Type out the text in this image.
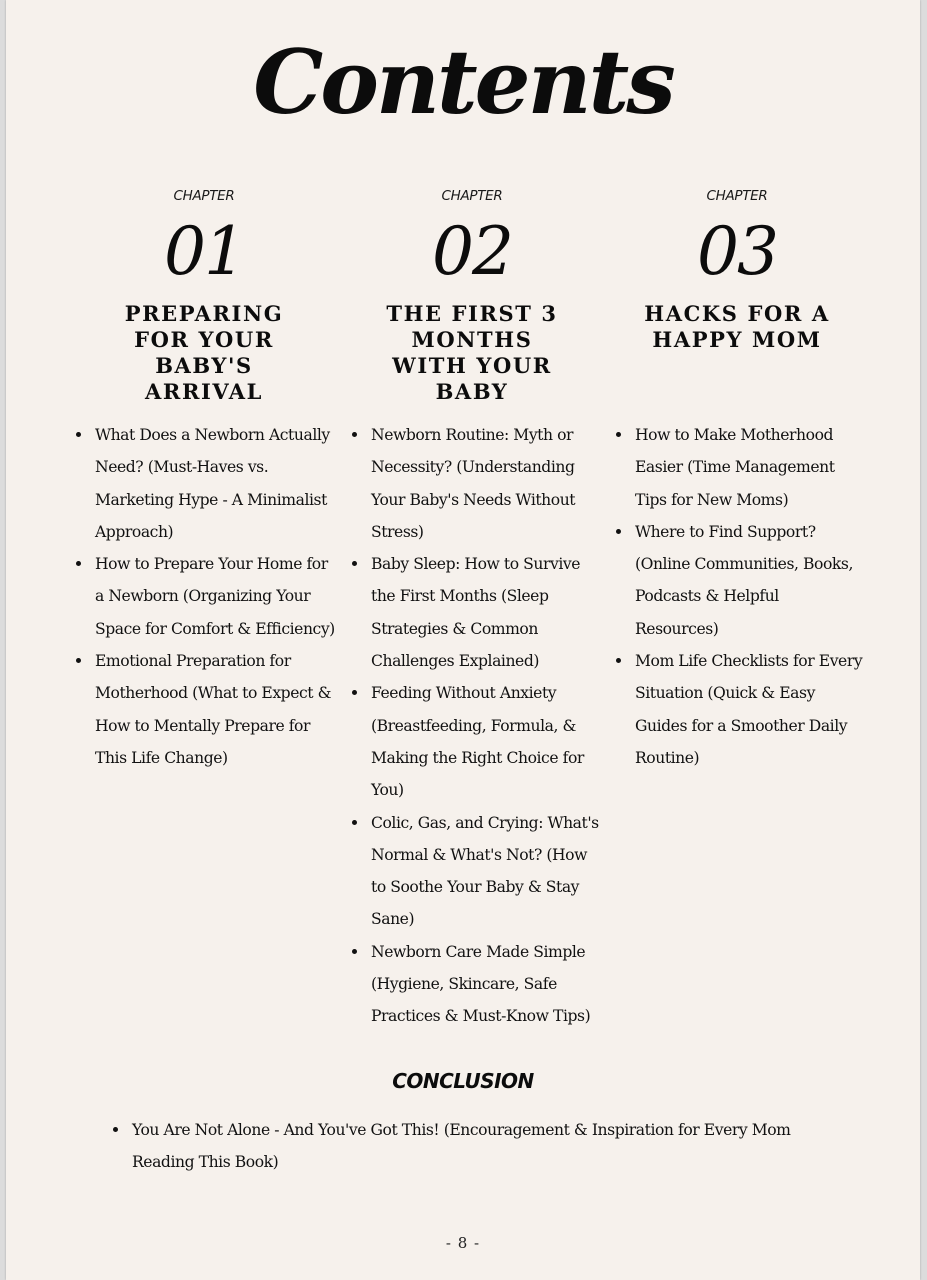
Contents
CHAPTER
01
PREPARING FOR YOUR BABY'S ARRIVAL
What Does a Newborn Actually Need? (Must-Haves vs. Marketing Hype - A Minimalist Approach)
How to Prepare Your Home for a Newborn (Organizing Your Space for Comfort & Efficiency)
Emotional Preparation for Motherhood (What to Expect & How to Mentally Prepare for This Life Change)
CHAPTER
02
THE FIRST 3 MONTHS WITH YOUR BABY
Newborn Routine: Myth or Necessity? (Understanding Your Baby's Needs Without Stress)
Baby Sleep: How to Survive the First Months (Sleep Strategies & Common Challenges Explained)
Feeding Without Anxiety (Breastfeeding, Formula, & Making the Right Choice for You)
Colic, Gas, and Crying: What's Normal & What's Not? (How to Soothe Your Baby & Stay Sane)
Newborn Care Made Simple (Hygiene, Skincare, Safe Practices & Must-Know Tips)
CHAPTER
03
HACKS FOR A HAPPY MOM
How to Make Motherhood Easier (Time Management Tips for New Moms)
Where to Find Support? (Online Communities, Books, Podcasts & Helpful Resources)
Mom Life Checklists for Every Situation (Quick & Easy Guides for a Smoother Daily Routine)
CONCLUSION
You Are Not Alone - And You've Got This! (Encouragement & Inspiration for Every Mom Reading This Book)
- 8 -
